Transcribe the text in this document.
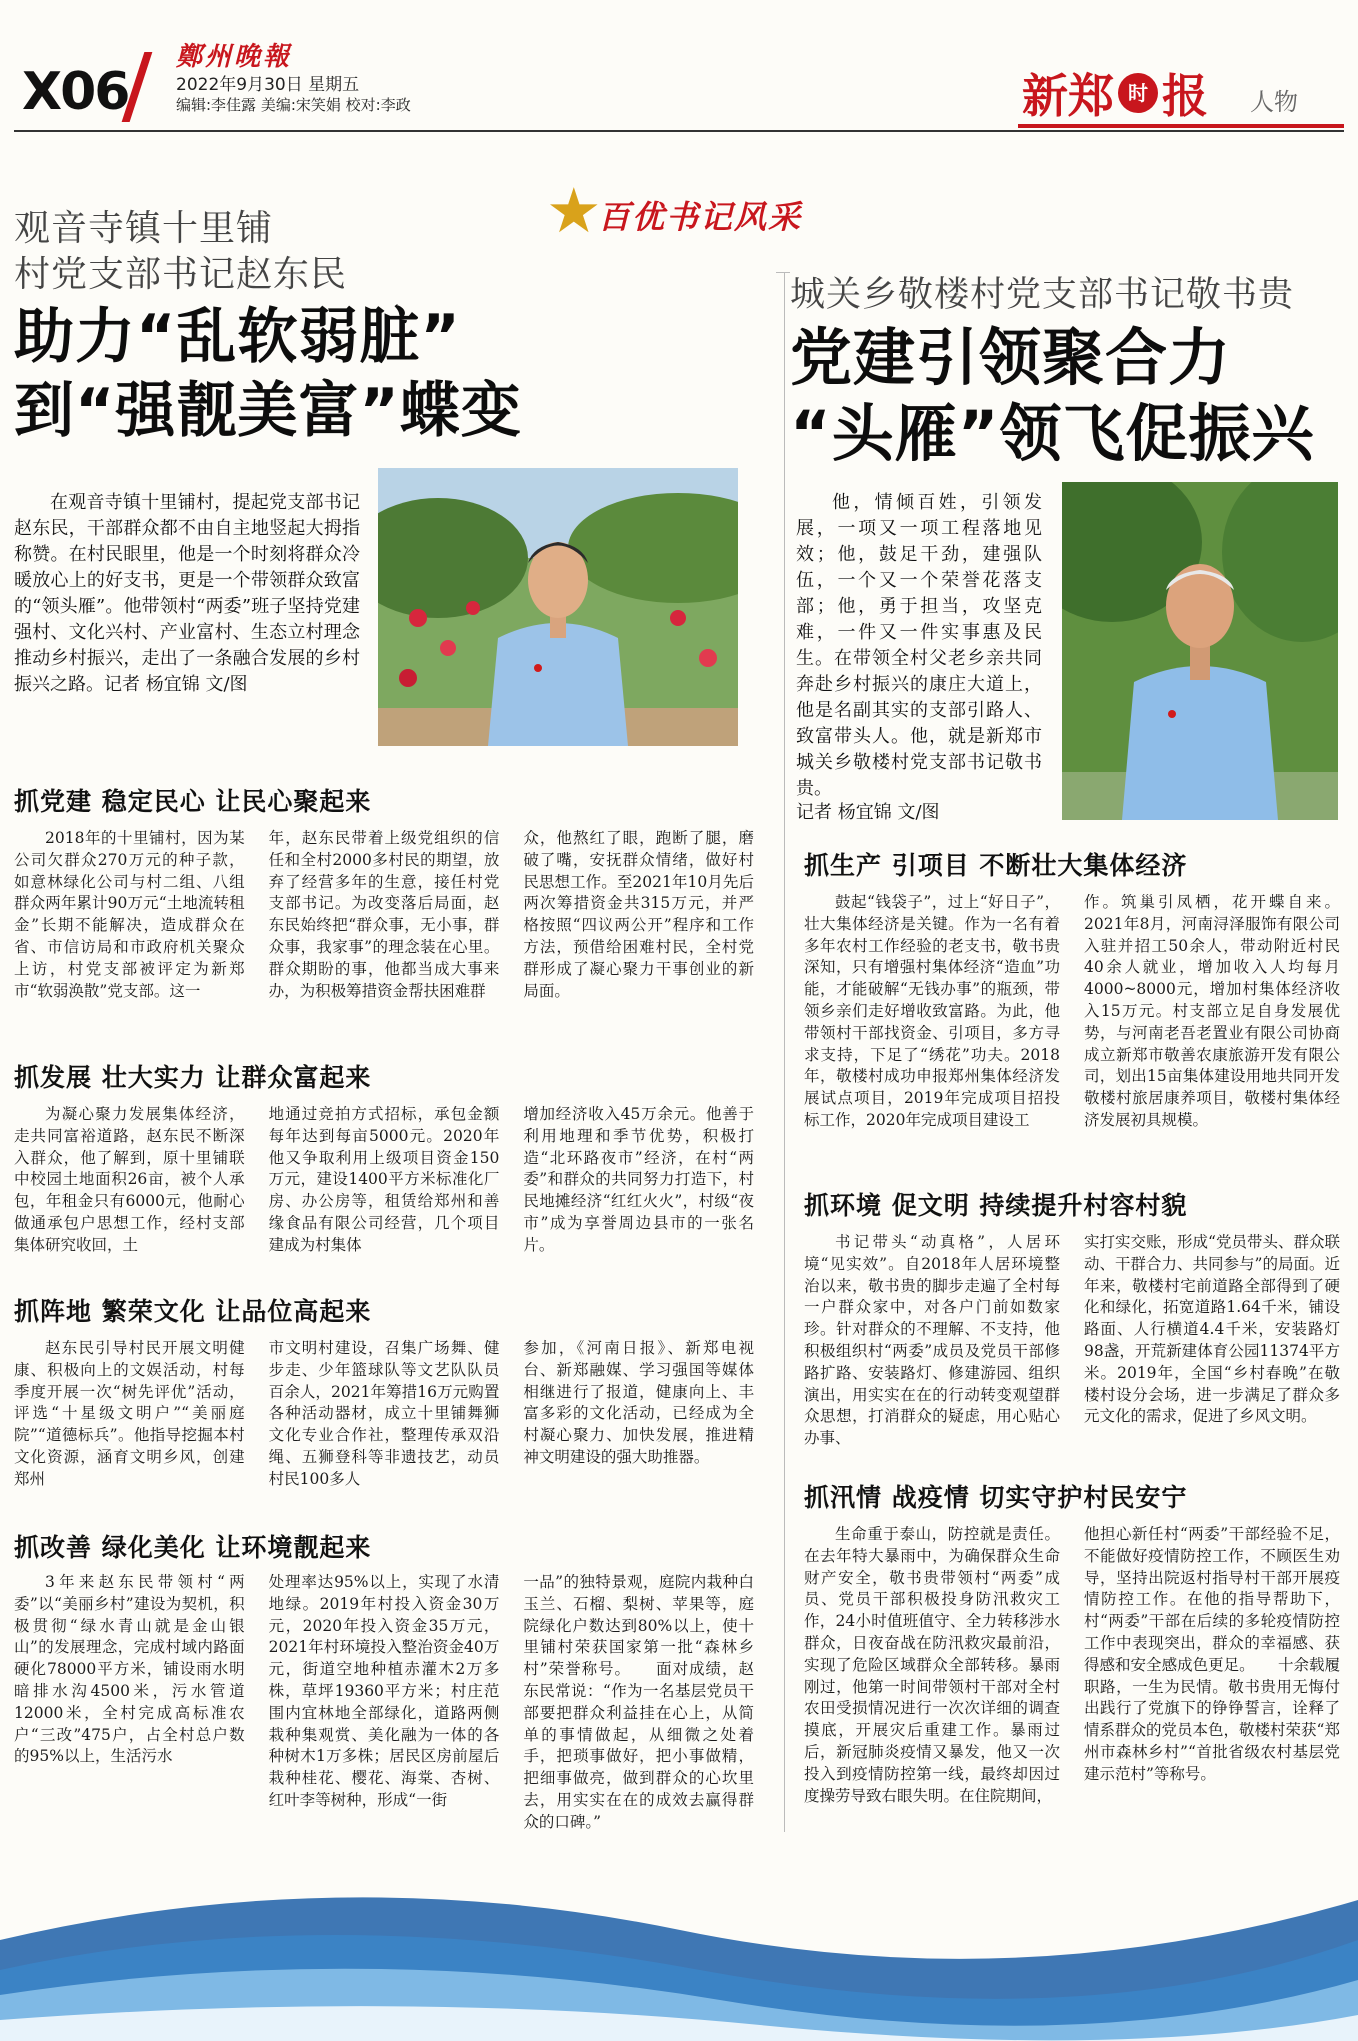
X06
鄭州晚報
2022年9月30日 星期五
编辑:李佳露 美编:宋笑娟 校对:李政	新郑 时 报 人物
★
百优书记风采
观音寺镇十里铺
村党支部书记赵东民
助力“乱软弱脏”
到“强靓美富”蝶变
城关乡敬楼村党支部书记敬书贵
党建引领聚合力
“头雁”领飞促振兴
在观音寺镇十里铺村，提起党支部书记赵东民，干部群众都不由自主地竖起大拇指称赞。在村民眼里，他是一个时刻将群众冷暖放心上的好支书，更是一个带领群众致富的“领头雁”。他带领村“两委”班子坚持党建强村、文化兴村、产业富村、生态立村理念推动乡村振兴，走出了一条融合发展的乡村振兴之路。记者 杨宜锦 文/图
他，情倾百姓，引领发展，一项又一项工程落地见效；他，鼓足干劲，建强队伍，一个又一个荣誉花落支部；他，勇于担当，攻坚克难，一件又一件实事惠及民生。在带领全村父老乡亲共同奔赴乡村振兴的康庄大道上，他是名副其实的支部引路人、致富带头人。他，就是新郑市城关乡敬楼村党支部书记敬书贵。
记者 杨宜锦 文/图
抓党建 稳定民心 让民心聚起来

2018年的十里铺村，因为某公司欠群众270万元的种子款，如意林绿化公司与村二组、八组群众两年累计90万元“土地流转租金”长期不能解决，造成群众在省、市信访局和市政府机关聚众上访，村党支部被评定为新郑市“软弱涣散”党支部。这一

年，赵东民带着上级党组织的信任和全村2000多村民的期望，放弃了经营多年的生意，接任村党支部书记。为改变落后局面，赵东民始终把“群众事，无小事，群众事，我家事”的理念装在心里。群众期盼的事，他都当成大事来办，为积极筹措资金帮扶困难群

众，他熬红了眼，跑断了腿，磨破了嘴，安抚群众情绪，做好村民思想工作。至2021年10月先后两次筹措资金共315万元，并严格按照“四议两公开”程序和工作方法，预借给困难村民，全村党群形成了凝心聚力干事创业的新局面。

抓发展 壮大实力 让群众富起来

为凝心聚力发展集体经济，走共同富裕道路，赵东民不断深入群众，他了解到，原十里铺联中校园土地面积26亩，被个人承包，年租金只有6000元，他耐心做通承包户思想工作，经村支部集体研究收回，土

地通过竞拍方式招标，承包金额每年达到每亩5000元。2020年他又争取利用上级项目资金150万元，建设1400平方米标准化厂房、办公房等，租赁给郑州和善缘食品有限公司经营，几个项目建成为村集体

增加经济收入45万余元。他善于利用地理和季节优势，积极打造“北环路夜市”经济，在村“两委”和群众的共同努力打造下，村民地摊经济“红红火火”，村级“夜市”成为享誉周边县市的一张名片。

抓阵地 繁荣文化 让品位高起来

赵东民引导村民开展文明健康、积极向上的文娱活动，村每季度开展一次“树先评优”活动，评选“十星级文明户”“美丽庭院”“道德标兵”。他指导挖掘本村文化资源，涵育文明乡风，创建郑州

市文明村建设，召集广场舞、健步走、少年篮球队等文艺队队员百余人，2021年筹措16万元购置各种活动器材，成立十里铺舞狮文化专业合作社，整理传承双沿绳、五狮登科等非遗技艺，动员村民100多人

参加，《河南日报》、新郑电视台、新郑融媒、学习强国等媒体相继进行了报道，健康向上、丰富多彩的文化活动，已经成为全村凝心聚力、加快发展，推进精神文明建设的强大助推器。

抓改善 绿化美化 让环境靓起来

3年来赵东民带领村“两委”以“美丽乡村”建设为契机，积极贯彻“绿水青山就是金山银山”的发展理念，完成村域内路面硬化78000平方米，铺设雨水明暗排水沟4500米，污水管道12000米，全村完成高标准农户“三改”475户，占全村总户数的95%以上，生活污水

处理率达95%以上，实现了水清地绿。2019年村投入资金30万元，2020年投入资金35万元，2021年村环境投入整治资金40万元，街道空地种植赤灌木2万多株，草坪19360平方米；村庄范围内宜林地全部绿化，道路两侧栽种集观赏、美化融为一体的各种树木1万多株；居民区房前屋后栽种桂花、樱花、海棠、杏树、红叶李等树种，形成“一街

一品”的独特景观，庭院内栽种白玉兰、石榴、梨树、苹果等，庭院绿化户数达到80%以上，使十里铺村荣获国家第一批“森林乡村”荣誉称号。　　面对成绩，赵东民常说：“作为一名基层党员干部要把群众利益挂在心上，从简单的事情做起，从细微之处着手，把琐事做好，把小事做精，把细事做亮，做到群众的心坎里去，用实实在在的成效去赢得群众的口碑。”

抓生产 引项目 不断壮大集体经济

鼓起“钱袋子”，过上“好日子”，壮大集体经济是关键。作为一名有着多年农村工作经验的老支书，敬书贵深知，只有增强村集体经济“造血”功能，才能破解“无钱办事”的瓶颈，带领乡亲们走好增收致富路。为此，他带领村干部找资金、引项目，多方寻求支持，下足了“绣花”功夫。2018年，敬楼村成功申报郑州集体经济发展试点项目，2019年完成项目招投标工作，2020年完成项目建设工

作。筑巢引凤栖，花开蝶自来。2021年8月，河南浔泽服饰有限公司入驻并招工50余人，带动附近村民40余人就业，增加收入人均每月4000~8000元，增加村集体经济收入15万元。村支部立足自身发展优势，与河南老吾老置业有限公司协商成立新郑市敬善农康旅游开发有限公司，划出15亩集体建设用地共同开发敬楼村旅居康养项目，敬楼村集体经济发展初具规模。

抓环境 促文明 持续提升村容村貌

书记带头“动真格”，人居环境“见实效”。自2018年人居环境整治以来，敬书贵的脚步走遍了全村每一户群众家中，对各户门前如数家珍。针对群众的不理解、不支持，他积极组织村“两委”成员及党员干部修路扩路、安装路灯、修建游园、组织演出，用实实在在的行动转变观望群众思想，打消群众的疑虑，用心贴心办事、

实打实交账，形成“党员带头、群众联动、干群合力、共同参与”的局面。近年来，敬楼村宅前道路全部得到了硬化和绿化，拓宽道路1.64千米，铺设路面、人行横道4.4千米，安装路灯98盏，开荒新建体育公园11374平方米。2019年，全国“乡村春晚”在敬楼村设分会场，进一步满足了群众多元文化的需求，促进了乡风文明。

抓汛情 战疫情 切实守护村民安宁

生命重于泰山，防控就是责任。在去年特大暴雨中，为确保群众生命财产安全，敬书贵带领村“两委”成员、党员干部积极投身防汛救灾工作，24小时值班值守、全力转移涉水群众，日夜奋战在防汛救灾最前沿，实现了危险区域群众全部转移。暴雨刚过，他第一时间带领村干部对全村农田受损情况进行一次次详细的调查摸底，开展灾后重建工作。暴雨过后，新冠肺炎疫情又暴发，他又一次投入到疫情防控第一线，最终却因过度操劳导致右眼失明。在住院期间，

他担心新任村“两委”干部经验不足，不能做好疫情防控工作，不顾医生劝导，坚持出院返村指导村干部开展疫情防控工作。在他的指导帮助下，村“两委”干部在后续的多轮疫情防控工作中表现突出，群众的幸福感、获得感和安全感成色更足。　　十余载履职路，一生为民情。敬书贵用无悔付出践行了党旗下的铮铮誓言，诠释了情系群众的党员本色，敬楼村荣获“郑州市森林乡村”“首批省级农村基层党建示范村”等称号。
